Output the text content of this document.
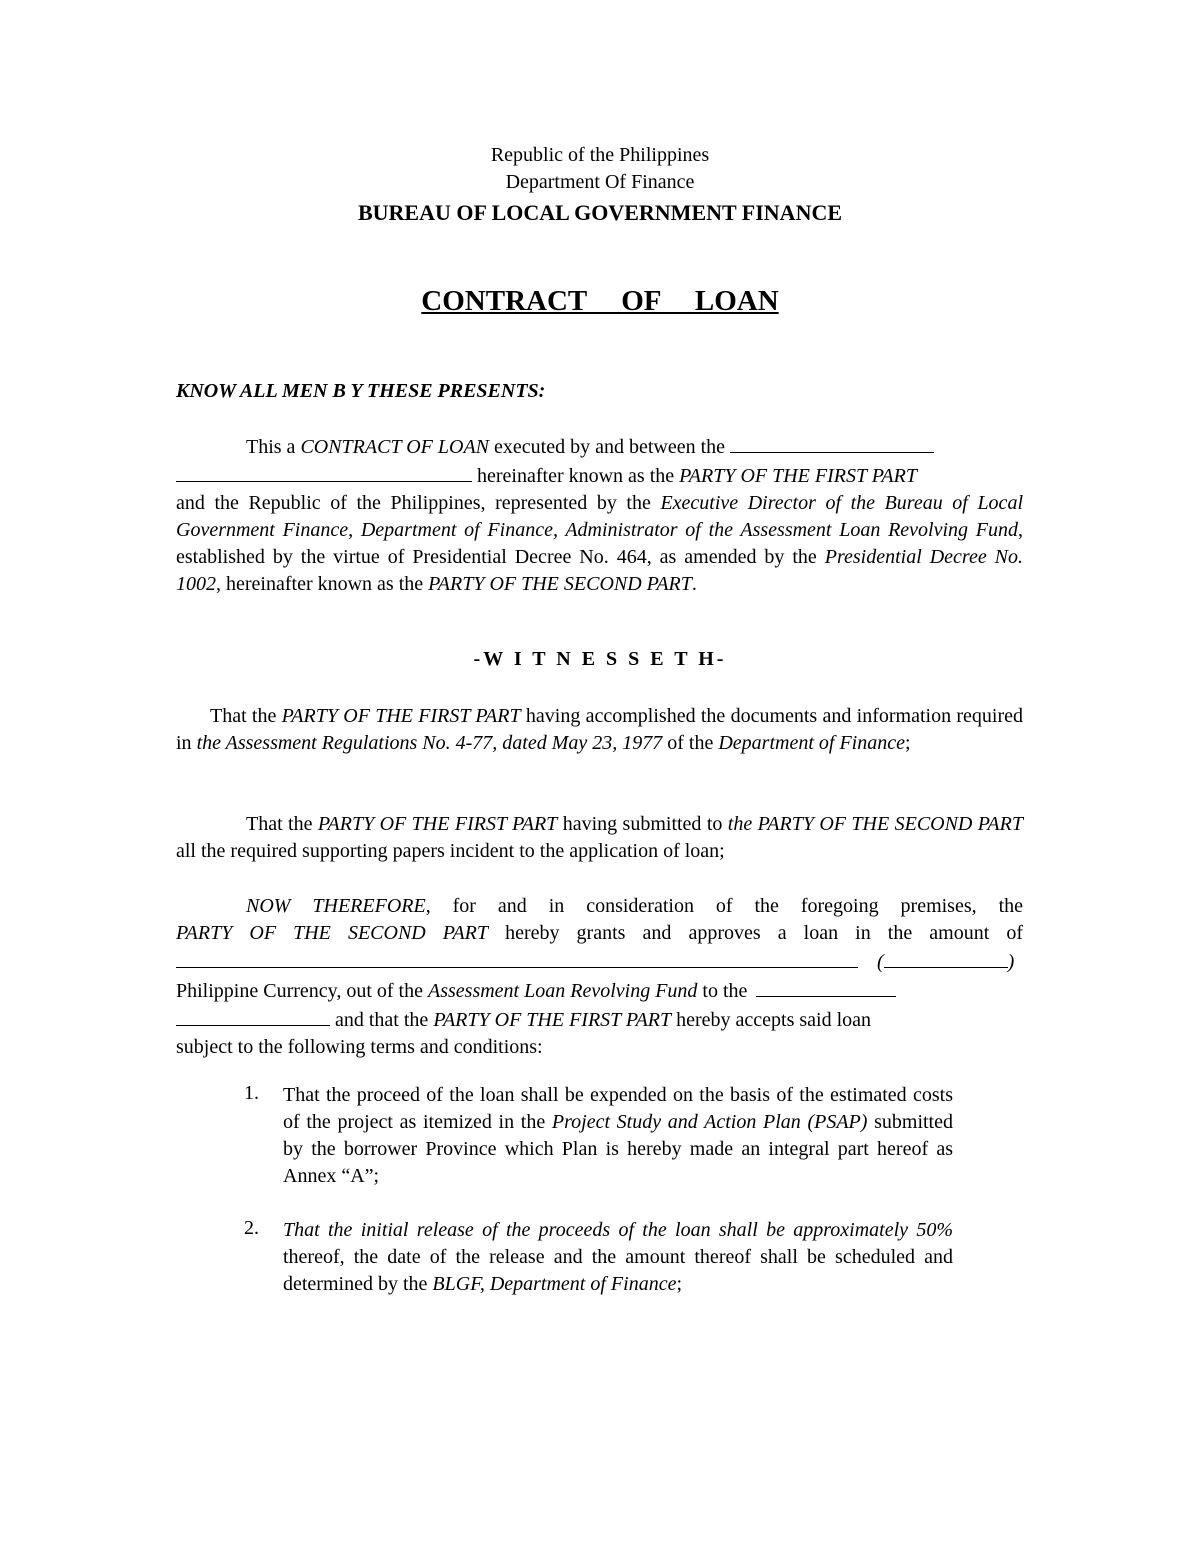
Republic of the Philippines
Department Of Finance
BUREAU OF LOCAL GOVERNMENT FINANCE
CONTRACT  OF  LOAN
KNOW ALL MEN B Y THESE PRESENTS:
This a CONTRACT OF LOAN executed by and between the
hereinafter known as the PARTY OF THE FIRST PART
and the Republic of the Philippines, represented by the Executive Director of the Bureau of Local Government Finance, Department of Finance, Administrator of the Assessment Loan Revolving Fund, established by the virtue of Presidential Decree No. 464, as amended by the Presidential Decree No. 1002, hereinafter known as the PARTY OF THE SECOND PART.
-W I T N E S S E T H-
That the PARTY OF THE FIRST PART having accomplished the documents and information required in the Assessment Regulations No. 4-77, dated May 23, 1977 of the Department of Finance;
That the PARTY OF THE FIRST PART having submitted to the PARTY OF THE SECOND PART all the required supporting papers incident to the application of loan;
NOW THEREFORE, for and in consideration of the foregoing premises, the
PARTY OF THE SECOND PART hereby grants and approves a loan in the amount of
(	)
Philippine Currency, out of the Assessment Loan Revolving Fund to the
and that the PARTY OF THE FIRST PART hereby accepts said loan
subject to the following terms and conditions:
1. That the proceed of the loan shall be expended on the basis of the estimated costs of the project as itemized in the Project Study and Action Plan (PSAP) submitted by the borrower Province which Plan is hereby made an integral part hereof as Annex “A”;
2. That the initial release of the proceeds of the loan shall be approximately 50% thereof, the date of the release and the amount thereof shall be scheduled and determined by the BLGF, Department of Finance;
